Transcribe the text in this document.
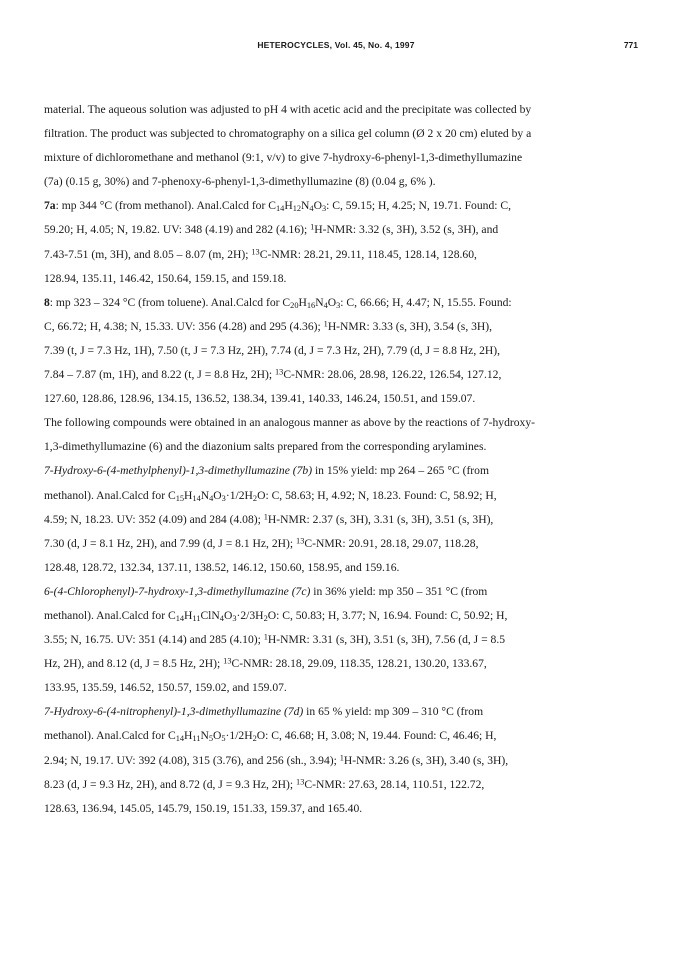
HETEROCYCLES, Vol. 45, No. 4, 1997	771
material. The aqueous solution was adjusted to pH 4 with acetic acid and the precipitate was collected by
filtration. The product was subjected to chromatography on a silica gel column (Ø 2 x 20 cm) eluted by a
mixture of dichloromethane and methanol (9:1, v/v) to give 7-hydroxy-6-phenyl-1,3-dimethyllumazine
(7a) (0.15 g, 30%) and 7-phenoxy-6-phenyl-1,3-dimethyllumazine (8) (0.04 g, 6% ).
7a: mp 344 °C (from methanol). Anal.Calcd for $C_{14}H_{12}N_4O_3$: C, 59.15; H, 4.25; N, 19.71. Found: C,
59.20; H, 4.05; N, 19.82. UV: 348 (4.19) and 282 (4.16); $^1$H-NMR: 3.32 (s, 3H), 3.52 (s, 3H), and
7.43-7.51 (m, 3H), and 8.05 – 8.07 (m, 2H); $^{13}$C-NMR: 28.21, 29.11, 118.45, 128.14, 128.60,
128.94, 135.11, 146.42, 150.64, 159.15, and 159.18.
8: mp 323 – 324 °C (from toluene). Anal.Calcd for $C_{20}H_{16}N_4O_3$: C, 66.66; H, 4.47; N, 15.55. Found:
C, 66.72; H, 4.38; N, 15.33. UV: 356 (4.28) and 295 (4.36); $^1$H-NMR: 3.33 (s, 3H), 3.54 (s, 3H),
7.39 (t, J = 7.3 Hz, 1H), 7.50 (t, J = 7.3 Hz, 2H), 7.74 (d, J = 7.3 Hz, 2H), 7.79 (d, J = 8.8 Hz, 2H),
7.84 – 7.87 (m, 1H), and 8.22 (t, J = 8.8 Hz, 2H); $^{13}$C-NMR: 28.06, 28.98, 126.22, 126.54, 127.12,
127.60, 128.86, 128.96, 134.15, 136.52, 138.34, 139.41, 140.33, 146.24, 150.51, and 159.07.
The following compounds were obtained in an analogous manner as above by the reactions of 7-hydroxy-
1,3-dimethyllumazine (6) and the diazonium salts prepared from the corresponding arylamines.
7-Hydroxy-6-(4-methylphenyl)-1,3-dimethyllumazine (7b) in 15% yield: mp 264 – 265 °C (from
methanol). Anal.Calcd for $C_{15}H_{14}N_4O_3\cdot 1/2H_2O$: C, 58.63; H, 4.92; N, 18.23. Found: C, 58.92; H,
4.59; N, 18.23. UV: 352 (4.09) and 284 (4.08); $^1$H-NMR: 2.37 (s, 3H), 3.31 (s, 3H), 3.51 (s, 3H),
7.30 (d, J = 8.1 Hz, 2H), and 7.99 (d, J = 8.1 Hz, 2H); $^{13}$C-NMR: 20.91, 28.18, 29.07, 118.28,
128.48, 128.72, 132.34, 137.11, 138.52, 146.12, 150.60, 158.95, and 159.16.
6-(4-Chlorophenyl)-7-hydroxy-1,3-dimethyllumazine (7c) in 36% yield: mp 350 – 351 °C (from
methanol). Anal.Calcd for $C_{14}H_{11}ClN_4O_3\cdot 2/3H_2O$: C, 50.83; H, 3.77; N, 16.94. Found: C, 50.92; H,
3.55; N, 16.75. UV: 351 (4.14) and 285 (4.10); $^1$H-NMR: 3.31 (s, 3H), 3.51 (s, 3H), 7.56 (d, J = 8.5
Hz, 2H), and 8.12 (d, J = 8.5 Hz, 2H); $^{13}$C-NMR: 28.18, 29.09, 118.35, 128.21, 130.20, 133.67,
133.95, 135.59, 146.52, 150.57, 159.02, and 159.07.
7-Hydroxy-6-(4-nitrophenyl)-1,3-dimethyllumazine (7d) in 65 % yield: mp 309 – 310 °C (from
methanol). Anal.Calcd for $C_{14}H_{11}N_5O_5\cdot 1/2H_2O$: C, 46.68; H, 3.08; N, 19.44. Found: C, 46.46; H,
2.94; N, 19.17. UV: 392 (4.08), 315 (3.76), and 256 (sh., 3.94); $^1$H-NMR: 3.26 (s, 3H), 3.40 (s, 3H),
8.23 (d, J = 9.3 Hz, 2H), and 8.72 (d, J = 9.3 Hz, 2H); $^{13}$C-NMR: 27.63, 28.14, 110.51, 122.72,
128.63, 136.94, 145.05, 145.79, 150.19, 151.33, 159.37, and 165.40.
